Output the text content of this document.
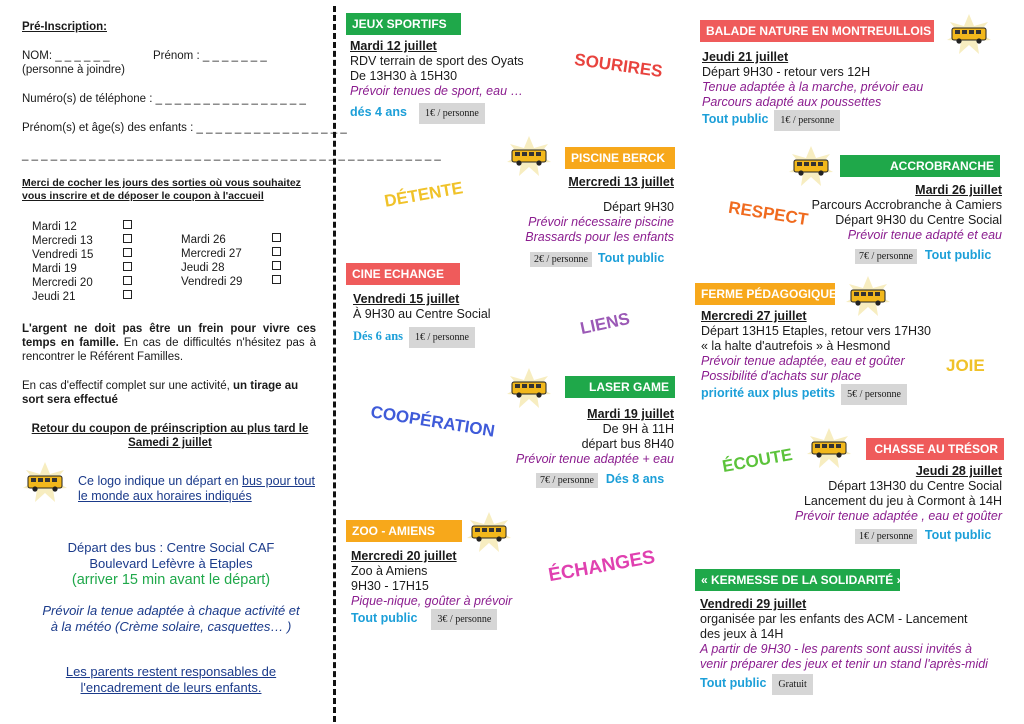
Pré-Inscription:
NOM: _ _ _ _ _ _	Prénom : _ _ _ _ _ _ _
(personne à joindre)
Numéro(s) de téléphone : _ _ _ _ _ _ _ _ _ _ _ _ _ _ _ _
Prénom(s) et âge(s) des enfants : _ _ _ _ _ _ _ _ _ _ _ _ _ _ _ _
_ _ _ _ _ _ _ _ _ _ _ _ _ _ _ _ _ _ _ _ _ _ _ _ _ _ _ _ _ _ _ _ _ _ _ _ _ _ _ _ _ _ _ _
Merci de cocher les jours des sorties où vous souhaitez vous inscrire et de déposer le coupon à l'accueil
Mardi 12
Mercredi 13
Vendredi 15
Mardi 19
Mercredi 20
Jeudi 21
Mardi 26
Mercredi 27
Jeudi 28
Vendredi 29
L'argent ne doit pas être un frein pour vivre ces temps en famille. En cas de difficultés n'hésitez pas à rencontrer le Référent Familles.
En cas d'effectif complet sur une activité, un tirage au sort sera effectué
Retour du coupon de préinscription au plus tard le Samedi 2 juillet
Ce logo indique un départ en bus pour tout le monde aux horaires indiqués
Départ des bus : Centre Social CAF
Boulevard Lefèvre à Etaples
(arriver 15 min avant le départ)
Prévoir la tenue adaptée à chaque activité et à la météo (Crème solaire, casquettes… )
Les parents restent responsables de l'encadrement de leurs enfants.
SOURIRES
DÉTENTE
LIENS
COOPÉRATION
ÉCHANGES
RESPECT
JOIE
ÉCOUTE
JEUX SPORTIFS
Mardi 12 juillet
RDV terrain de sport des Oyats
De 13H30 à 15H30
Prévoir tenues de sport, eau …
dés 4 ans 1€ / personne
PISCINE BERCK
Mercredi 13 juillet
Départ 9H30
Prévoir nécessaire piscine
Brassards pour les enfants
2€ / personne Tout public
CINE ECHANGE
Vendredi 15 juillet
À 9H30 au Centre Social
Dés 6 ans 1€ / personne
LASER GAME
Mardi 19 juillet
De 9H à 11H
départ bus 8H40
Prévoir tenue adaptée + eau
7€ / personne Dés 8 ans
ZOO - AMIENS
Mercredi 20 juillet
Zoo à Amiens
9H30 - 17H15
Pique-nique, goûter à prévoir
Tout public 3€ / personne
BALADE NATURE EN MONTREUILLOIS
Jeudi 21 juillet
Départ 9H30 - retour vers 12H
Tenue adaptée à la marche, prévoir eau
Parcours adapté aux poussettes
Tout public 1€ / personne
ACCROBRANCHE
Mardi 26 juillet
Parcours Accrobranche à Camiers
Départ 9H30 du Centre Social
Prévoir tenue adapté et eau
7€ / personne Tout public
FERME PÉDAGOGIQUE
Mercredi 27 juillet
Départ 13H15 Etaples, retour vers 17H30
« la halte d'autrefois » à Hesmond
Prévoir tenue adaptée, eau et goûter
Possibilité d'achats sur place
priorité aux plus petits 5€ / personne
CHASSE AU TRÉSOR
Jeudi 28 juillet
Départ 13H30 du Centre Social
Lancement du jeu à Cormont à 14H
Prévoir tenue adaptée , eau et goûter
1€ / personne Tout public
« KERMESSE DE LA SOLIDARITÉ »
Vendredi 29 juillet
organisée par les enfants des ACM - Lancement
des jeux à 14H
A partir de 9H30 - les parents sont aussi invités à venir préparer des jeux et tenir un stand l'après-midi
Tout public Gratuit
